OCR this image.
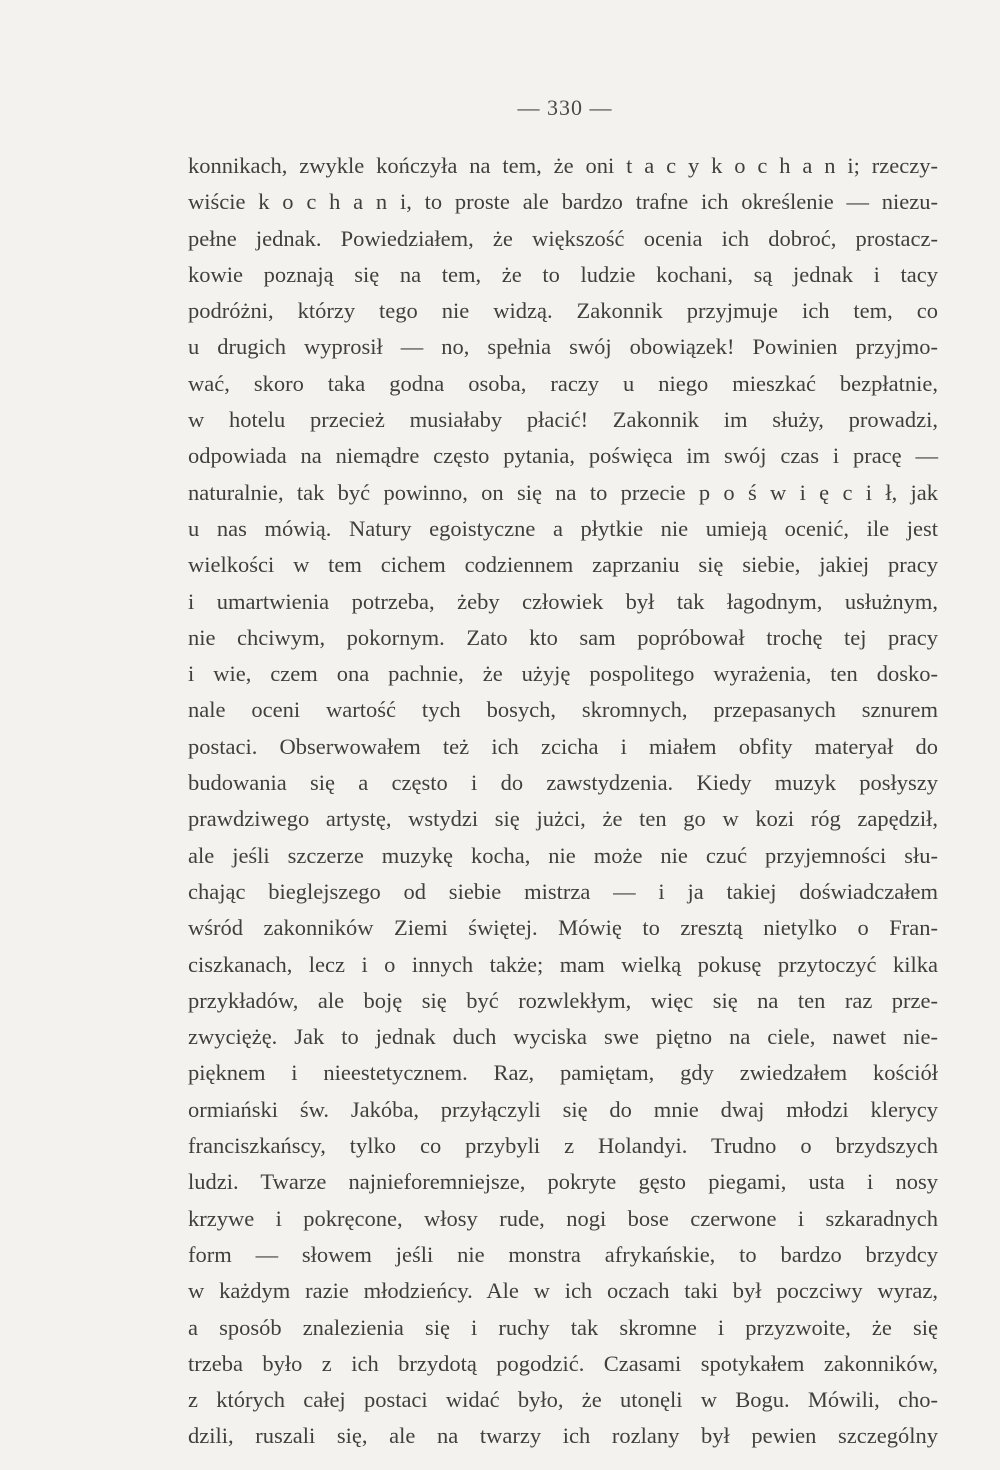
— 330 —
konnikach, zwykle kończyła na tem, że oni t a c y k o c h a n i; rzeczy-
wiście k o c h a n i, to proste ale bardzo trafne ich określenie — niezu-
pełne jednak. Powiedziałem, że większość ocenia ich dobroć, prostacz-
kowie poznają się na tem, że to ludzie kochani, są jednak i tacy
podróżni, którzy tego nie widzą. Zakonnik przyjmuje ich tem, co
u drugich wyprosił — no, spełnia swój obowiązek! Powinien przyjmo-
wać, skoro taka godna osoba, raczy u niego mieszkać bezpłatnie,
w hotelu przecież musiałaby płacić! Zakonnik im służy, prowadzi,
odpowiada na niemądre często pytania, poświęca im swój czas i pracę —
naturalnie, tak być powinno, on się na to przecie p o ś w i ę c i ł, jak
u nas mówią. Natury egoistyczne a płytkie nie umieją ocenić, ile jest
wielkości w tem cichem codziennem zaprzaniu się siebie, jakiej pracy
i umartwienia potrzeba, żeby człowiek był tak łagodnym, usłużnym,
nie chciwym, pokornym. Zato kto sam popróbował trochę tej pracy
i wie, czem ona pachnie, że użyję pospolitego wyrażenia, ten dosko-
nale oceni wartość tych bosych, skromnych, przepasanych sznurem
postaci. Obserwowałem też ich zcicha i miałem obfity materyał do
budowania się a często i do zawstydzenia. Kiedy muzyk posłyszy
prawdziwego artystę, wstydzi się jużci, że ten go w kozi róg zapędził,
ale jeśli szczerze muzykę kocha, nie może nie czuć przyjemności słu-
chając bieglejszego od siebie mistrza — i ja takiej doświadczałem
wśród zakonników Ziemi świętej. Mówię to zresztą nietylko o Fran-
ciszkanach, lecz i o innych także; mam wielką pokusę przytoczyć kilka
przykładów, ale boję się być rozwlekłym, więc się na ten raz prze-
zwyciężę. Jak to jednak duch wyciska swe piętno na ciele, nawet nie-
pięknem i nieestetycznem. Raz, pamiętam, gdy zwiedzałem kościół
ormiański św. Jakóba, przyłączyli się do mnie dwaj młodzi klerycy
franciszkańscy, tylko co przybyli z Holandyi. Trudno o brzydszych
ludzi. Twarze najnieforemniejsze, pokryte gęsto piegami, usta i nosy
krzywe i pokręcone, włosy rude, nogi bose czerwone i szkaradnych
form — słowem jeśli nie monstra afrykańskie, to bardzo brzydcy
w każdym razie młodzieńcy. Ale w ich oczach taki był poczciwy wyraz,
a sposób znalezienia się i ruchy tak skromne i przyzwoite, że się
trzeba było z ich brzydotą pogodzić. Czasami spotykałem zakonników,
z których całej postaci widać było, że utonęli w Bogu. Mówili, cho-
dzili, ruszali się, ale na twarzy ich rozlany był pewien szczególny
